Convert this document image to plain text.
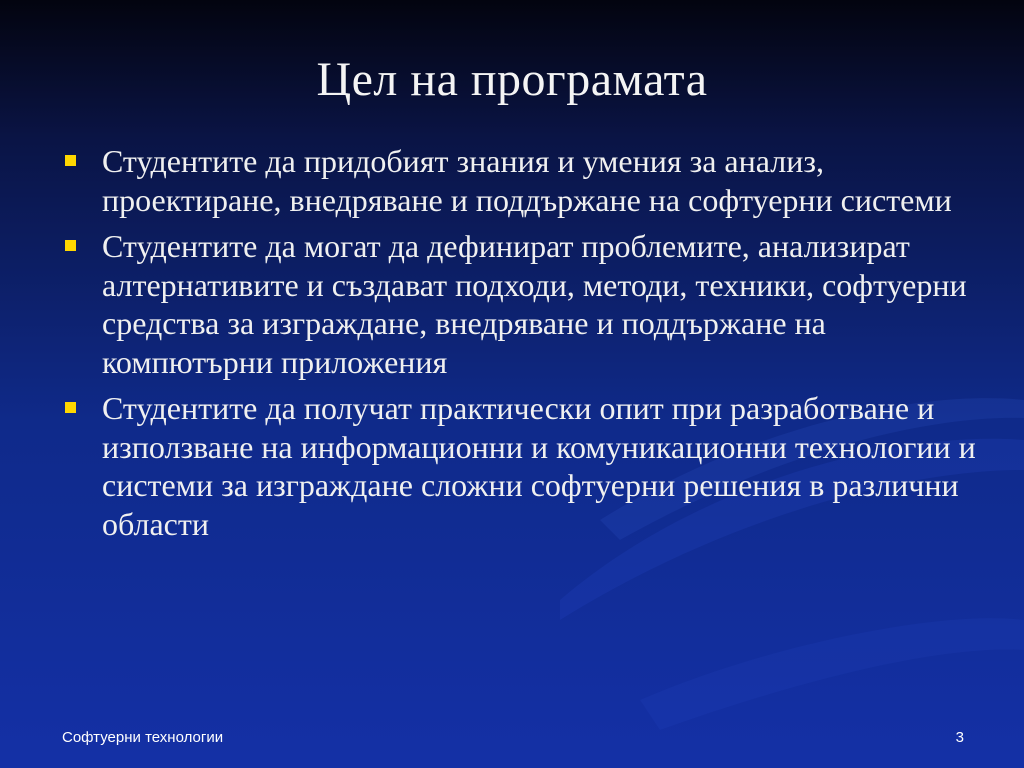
Цел на програмата
Студентите да придобият знания и умения за анализ, проектиране, внедряване и поддържане на софтуерни системи
Студентите да могат да дефинират проблемите, анализират алтернативите и създават подходи, методи, техники, софтуерни средства за изграждане, внедряване и поддържане на компютърни приложения
Студентите да получат практически опит при разработване и използване на информационни и комуникационни технологии и системи за изграждане сложни софтуерни решения в различни области
Софтуерни технологии	3
